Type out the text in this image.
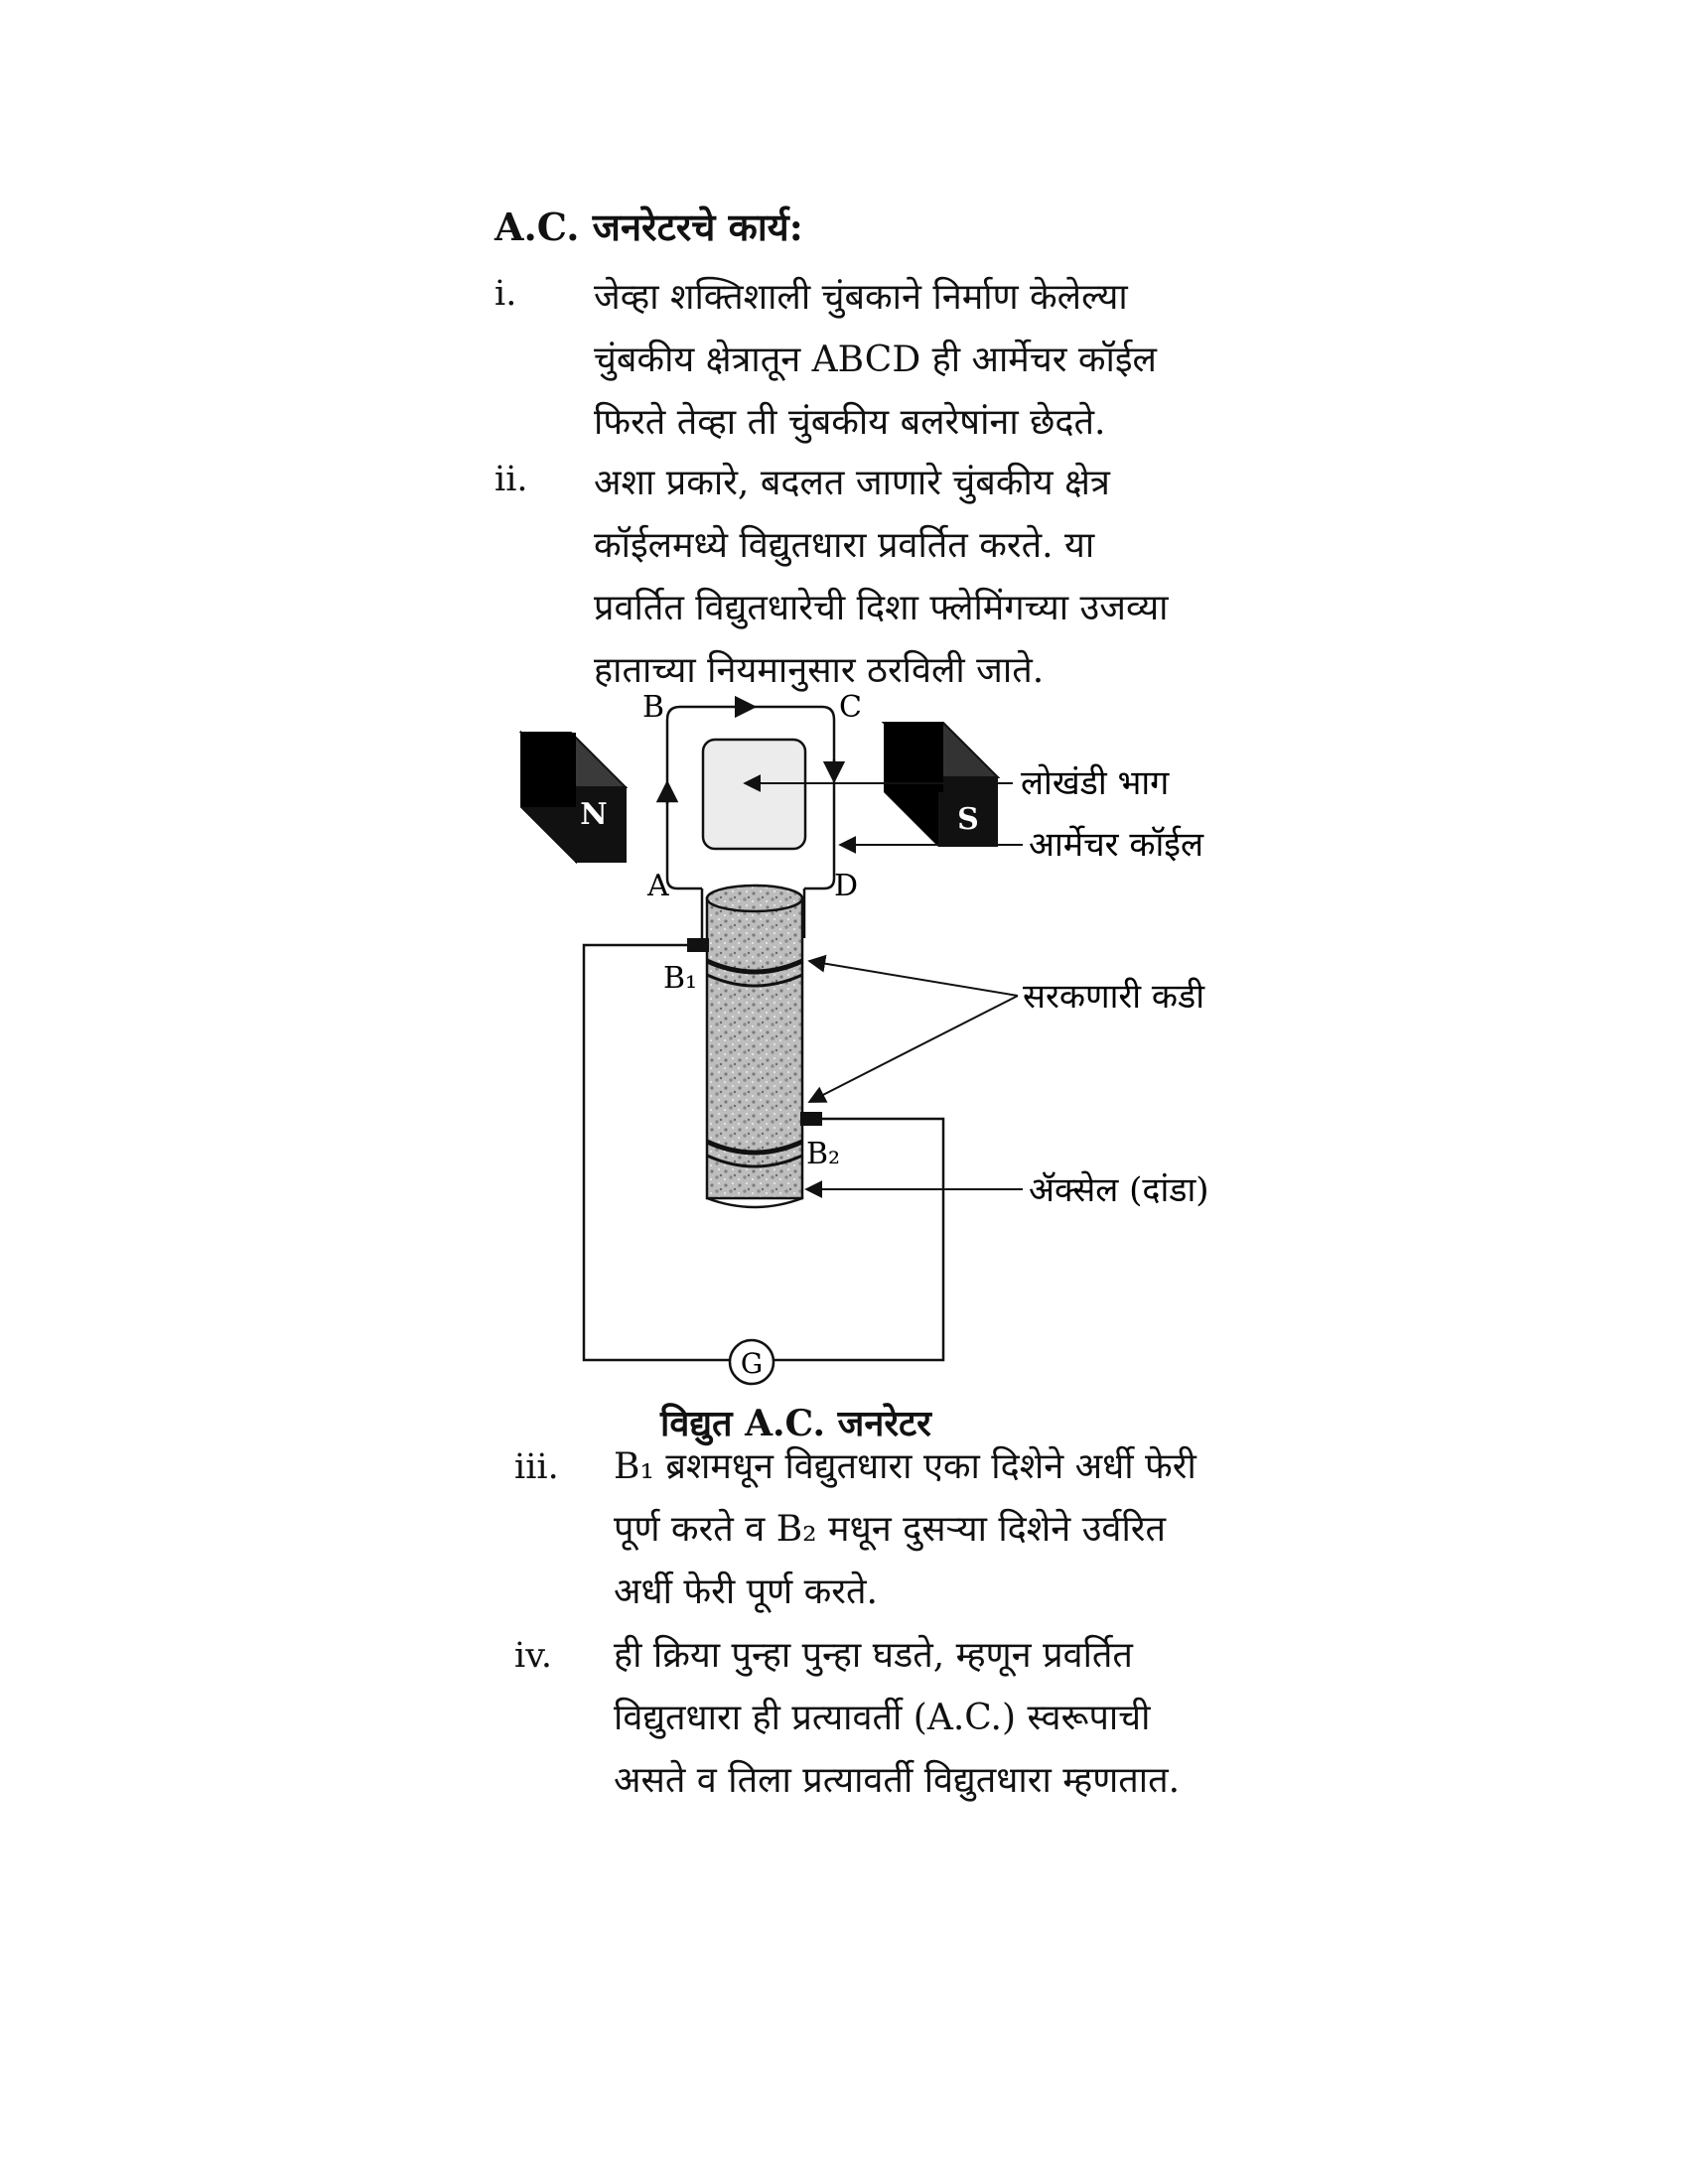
A.C. जनरेटरचे कार्य:
i. जेव्हा शक्तिशाली चुंबकाने निर्माण केलेल्या
चुंबकीय क्षेत्रातून ABCD ही आर्मेचर कॉईल
फिरते तेव्हा ती चुंबकीय बलरेषांना छेदते.
ii. अशा प्रकारे, बदलत जाणारे चुंबकीय क्षेत्र
कॉईलमध्ये विद्युतधारा प्रवर्तित करते. या
प्रवर्तित विद्युतधारेची दिशा फ्लेमिंगच्या उजव्या
हाताच्या नियमानुसार ठरविली जाते.
N	S
B	C
A	D
B₁
B₂
G
लोखंडी भाग
आर्मेचर कॉईल
सरकणारी कडी
ॲक्सेल (दांडा)
विद्युत A.C. जनरेटर
iii. B₁ ब्रशमधून विद्युतधारा एका दिशेने अर्धी फेरी
पूर्ण करते व B₂ मधून दुसऱ्या दिशेने उर्वरित
अर्धी फेरी पूर्ण करते.
iv. ही क्रिया पुन्हा पुन्हा घडते, म्हणून प्रवर्तित
विद्युतधारा ही प्रत्यावर्ती (A.C.) स्वरूपाची
असते व तिला प्रत्यावर्ती विद्युतधारा म्हणतात.
